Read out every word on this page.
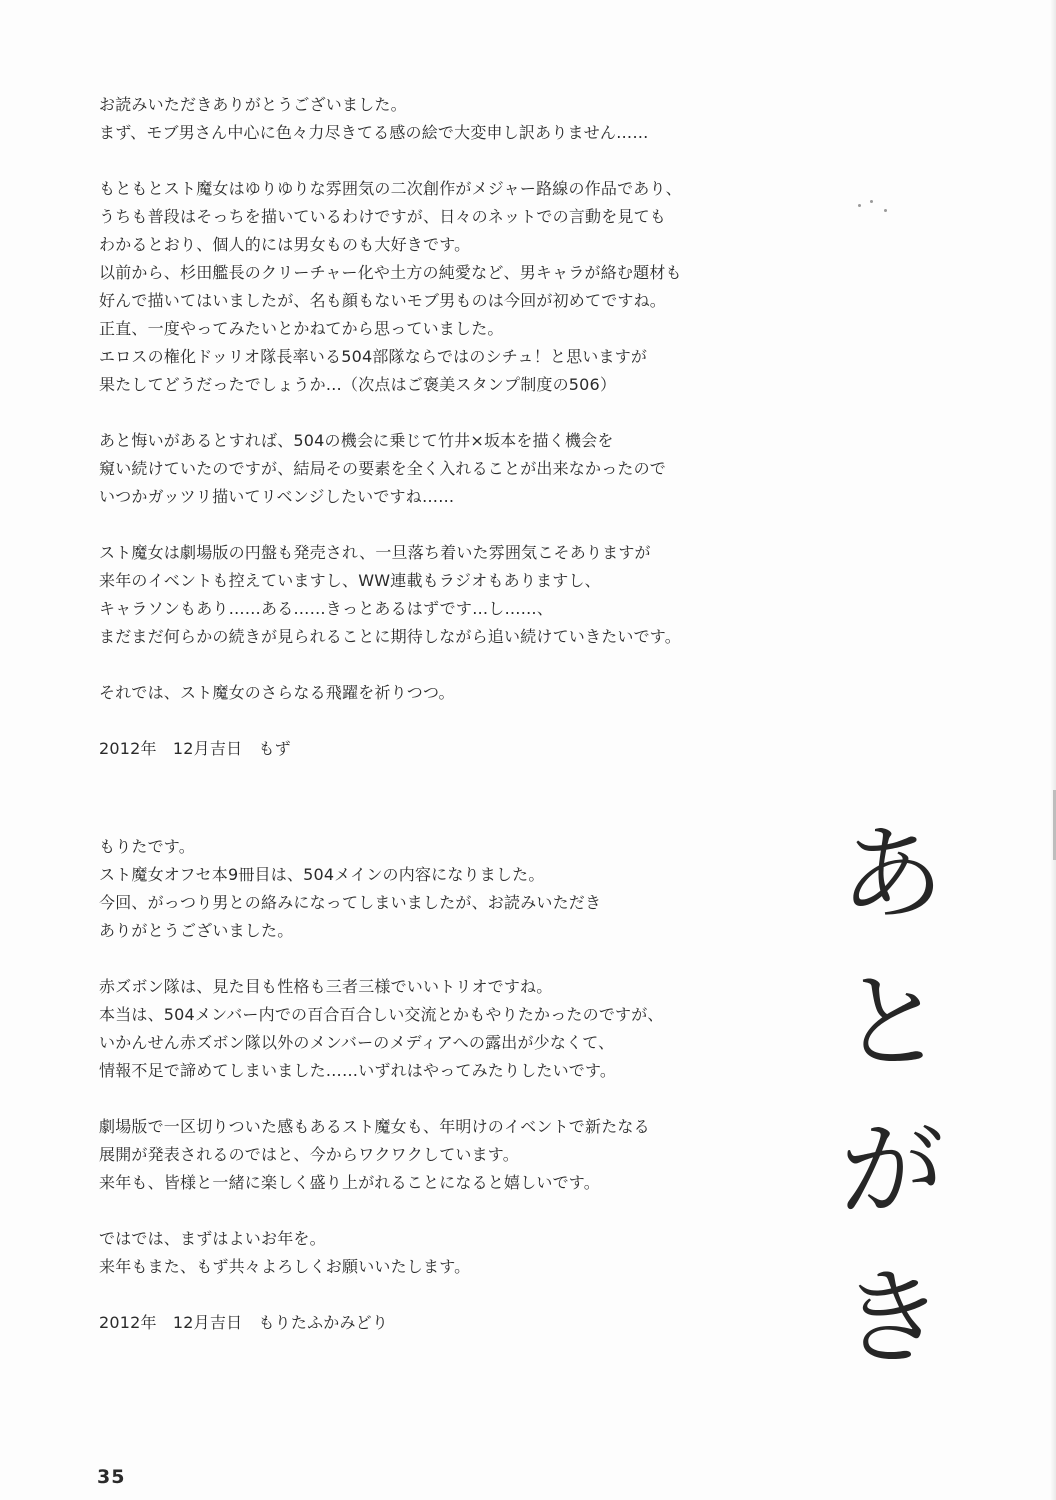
お読みいただきありがとうございました。

まず、モブ男さん中心に色々力尽きてる感の絵で大変申し訳ありません……

もともとスト魔女はゆりゆりな雰囲気の二次創作がメジャー路線の作品であり、

うちも普段はそっちを描いているわけですが、日々のネットでの言動を見ても

わかるとおり、個人的には男女ものも大好きです。

以前から、杉田艦長のクリーチャー化や土方の純愛など、男キャラが絡む題材も

好んで描いてはいましたが、名も顔もないモブ男ものは今回が初めてですね。

正直、一度やってみたいとかねてから思っていました。

エロスの権化ドッリオ隊長率いる504部隊ならではのシチュ！と思いますが

果たしてどうだったでしょうか…（次点はご褒美スタンプ制度の506）

あと悔いがあるとすれば、504の機会に乗じて竹井×坂本を描く機会を

窺い続けていたのですが、結局その要素を全く入れることが出来なかったので

いつかガッツリ描いてリベンジしたいですね……

スト魔女は劇場版の円盤も発売され、一旦落ち着いた雰囲気こそありますが

来年のイベントも控えていますし、WW連載もラジオもありますし、

キャラソンもあり……ある……きっとあるはずです…し……、

まだまだ何らかの続きが見られることに期待しながら追い続けていきたいです。

それでは、スト魔女のさらなる飛躍を祈りつつ。

2012年　12月吉日　もず

もりたです。

スト魔女オフセ本9冊目は、504メインの内容になりました。

今回、がっつり男との絡みになってしまいましたが、お読みいただき

ありがとうございました。

赤ズボン隊は、見た目も性格も三者三様でいいトリオですね。

本当は、504メンバー内での百合百合しい交流とかもやりたかったのですが、

いかんせん赤ズボン隊以外のメンバーのメディアへの露出が少なくて、

情報不足で諦めてしまいました……いずれはやってみたりしたいです。

劇場版で一区切りついた感もあるスト魔女も、年明けのイベントで新たなる

展開が発表されるのではと、今からワクワクしています。

来年も、皆様と一緒に楽しく盛り上がれることになると嬉しいです。

ではでは、まずはよいお年を。

来年もまた、もず共々よろしくお願いいたします。

2012年　12月吉日　もりたふかみどり

あ
と
が
き
35
